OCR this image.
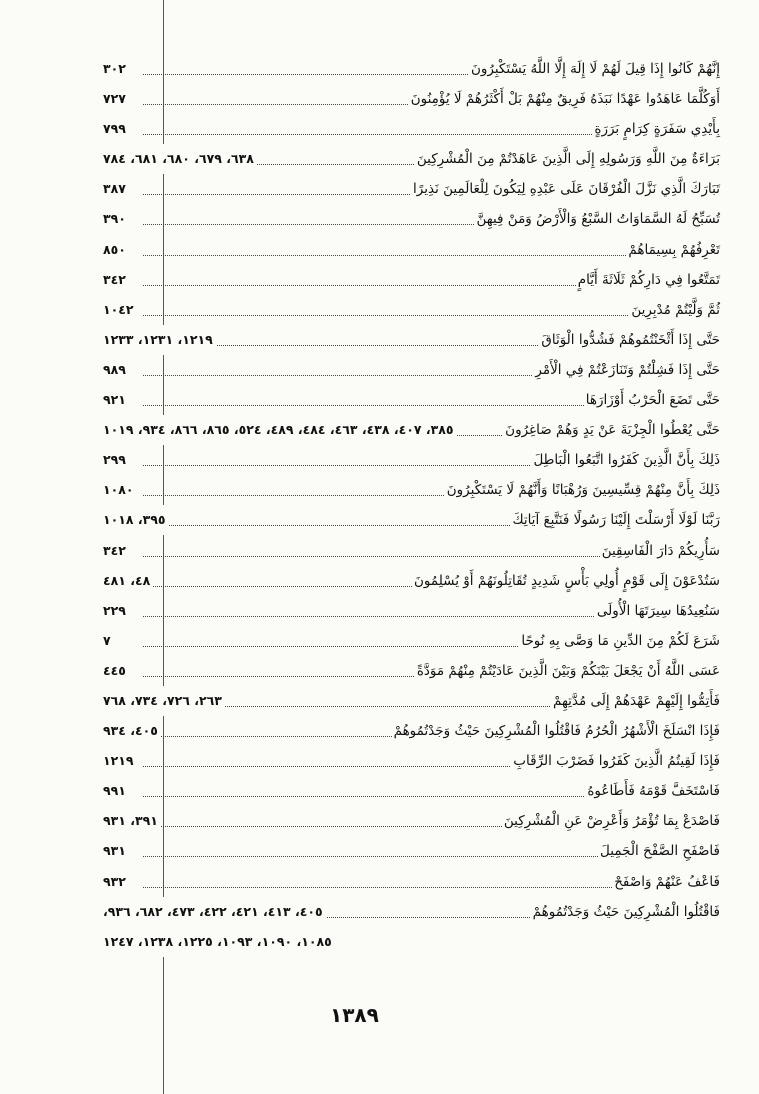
٣٠٢	إِنَّهُمْ كَانُوا إِذَا قِيلَ لَهُمْ لَا إِلَهَ إِلَّا اللَّهُ يَسْتَكْبِرُونَ
٧٢٧	أَوَكُلَّمَا عَاهَدُوا عَهْدًا نَبَذَهُ فَرِيقٌ مِنْهُمْ بَلْ أَكْثَرُهُمْ لَا يُؤْمِنُونَ
٧٩٩	بِأَيْدِي سَفَرَةٍ كِرَامٍ بَرَرَةٍ
٦٣٨، ٦٧٩، ٦٨٠، ٦٨١، ٧٨٤	بَرَاءَةٌ مِنَ اللَّهِ وَرَسُولِهِ إِلَى الَّذِينَ عَاهَدْتُمْ مِنَ الْمُشْرِكِينَ
٣٨٧	تَبَارَكَ الَّذِي نَزَّلَ الْفُرْقَانَ عَلَى عَبْدِهِ لِيَكُونَ لِلْعَالَمِينَ نَذِيرًا
٣٩٠	تُسَبِّحُ لَهُ السَّمَاوَاتُ السَّبْعُ وَالْأَرْضُ وَمَنْ فِيهِنَّ
٨٥٠	تَعْرِفُهُمْ بِسِيمَاهُمْ
٣٤٢	تَمَتَّعُوا فِي دَارِكُمْ ثَلَاثَةَ أَيَّامٍ
١٠٤٢	ثُمَّ وَلَّيْتُمْ مُدْبِرِينَ
١٢١٩، ١٢٣١، ١٢٣٣	حَتَّى إِذَا أَثْخَنْتُمُوهُمْ فَشُدُّوا الْوَثَاقَ
٩٨٩	حَتَّى إِذَا فَشِلْتُمْ وَتَنَازَعْتُمْ فِي الْأَمْرِ
٩٢١	حَتَّى تَضَعَ الْحَرْبُ أَوْزَارَهَا
٣٨٥، ٤٠٧، ٤٣٨، ٤٦٣، ٤٨٤، ٤٨٩، ٥٢٤، ٨٦٥، ٨٦٦، ٩٣٤، ١٠١٩	حَتَّى يُعْطُوا الْجِزْيَةَ عَنْ يَدٍ وَهُمْ صَاغِرُونَ
٢٩٩	ذَلِكَ بِأَنَّ الَّذِينَ كَفَرُوا اتَّبَعُوا الْبَاطِلَ
١٠٨٠	ذَلِكَ بِأَنَّ مِنْهُمْ قِسِّيسِينَ وَرُهْبَانًا وَأَنَّهُمْ لَا يَسْتَكْبِرُونَ
٣٩٥، ١٠١٨	رَبَّنَا لَوْلَا أَرْسَلْتَ إِلَيْنَا رَسُولًا فَنَتَّبِعَ آيَاتِكَ
٣٤٢	سَأُرِيكُمْ دَارَ الْفَاسِقِينَ
٤٨، ٤٨١	سَتُدْعَوْنَ إِلَى قَوْمٍ أُولِي بَأْسٍ شَدِيدٍ تُقَاتِلُونَهُمْ أَوْ يُسْلِمُونَ
٢٢٩	سَنُعِيدُهَا سِيرَتَهَا الْأُولَى
٧	شَرَعَ لَكُمْ مِنَ الدِّينِ مَا وَصَّى بِهِ نُوحًا
٤٤٥	عَسَى اللَّهُ أَنْ يَجْعَلَ بَيْنَكُمْ وَبَيْنَ الَّذِينَ عَادَيْتُمْ مِنْهُمْ مَوَدَّةً
٢٦٣، ٧٢٦، ٧٣٤، ٧٦٨	فَأَتِمُّوا إِلَيْهِمْ عَهْدَهُمْ إِلَى مُدَّتِهِمْ
٤٠٥، ٩٣٤	فَإِذَا انْسَلَخَ الْأَشْهُرُ الْحُرُمُ فَاقْتُلُوا الْمُشْرِكِينَ حَيْثُ وَجَدْتُمُوهُمْ
١٢١٩	فَإِذَا لَقِيتُمُ الَّذِينَ كَفَرُوا فَضَرْبَ الرِّقَابِ
٩٩١	فَاسْتَخَفَّ قَوْمَهُ فَأَطَاعُوهُ
٣٩١، ٩٣١	فَاصْدَعْ بِمَا تُؤْمَرُ وَأَعْرِضْ عَنِ الْمُشْرِكِينَ
٩٣١	فَاصْفَحِ الصَّفْحَ الْجَمِيلَ
٩٣٢	فَاعْفُ عَنْهُمْ وَاصْفَحْ
٤٠٥، ٤١٣، ٤٢١، ٤٢٢، ٤٧٣، ٦٨٢، ٩٣٦،	فَاقْتُلُوا الْمُشْرِكِينَ حَيْثُ وَجَدْتُمُوهُمْ
١٠٨٥، ١٠٩٠، ١٠٩٣، ١٢٢٥، ١٢٣٨، ١٢٤٧
١٣٨٩
